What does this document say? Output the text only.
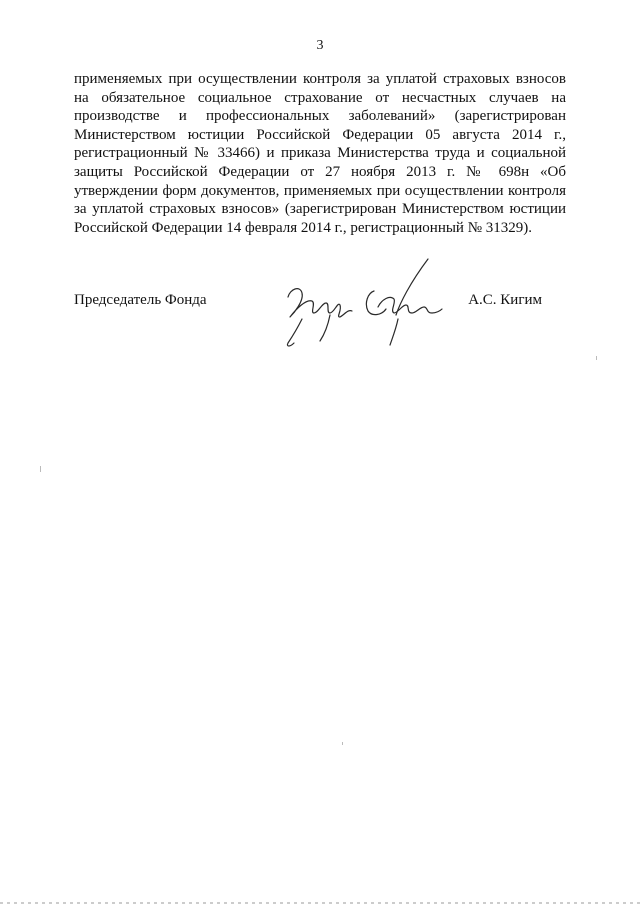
3

применяемых при осуществлении контроля за уплатой страховых взносов на обязательное социальное страхование от несчастных случаев на производстве и профессиональных заболеваний» (зарегистрирован Министерством юстиции Российской Федерации 05 августа 2014 г., регистрационный № 33466) и приказа Министерства труда и социальной защиты Российской Федерации от 27 ноября 2013 г. № 698н «Об утверждении форм документов, применяемых при осуществлении контроля за уплатой страховых взносов» (зарегистрирован Министерством юстиции Российской Федерации 14 февраля 2014 г., регистрационный № 31329).

Председатель Фонда	А.С. Кигим
